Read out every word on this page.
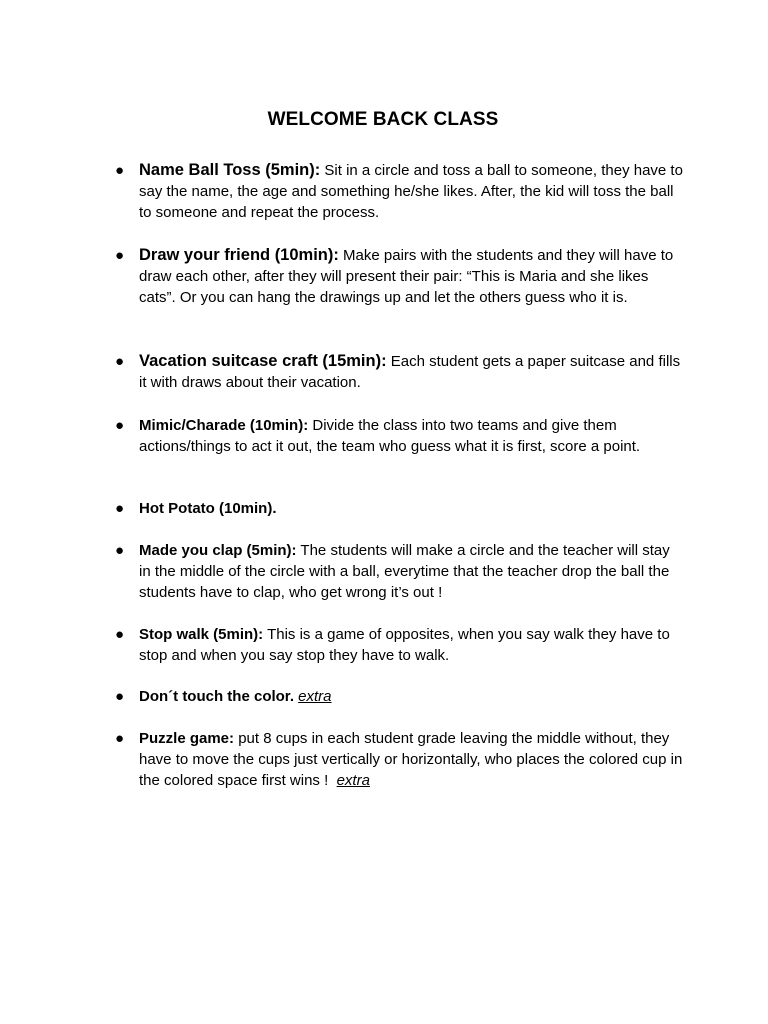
WELCOME BACK CLASS
● Name Ball Toss (5min): Sit in a circle and toss a ball to someone, they have to say the name, the age and something he/she likes. After, the kid will toss the ball to someone and repeat the process.
● Draw your friend (10min): Make pairs with the students and they will have to draw each other, after they will present their pair: “This is Maria and she likes cats”. Or you can hang the drawings up and let the others guess who it is.
● Vacation suitcase craft (15min): Each student gets a paper suitcase and fills it with draws about their vacation.
● Mimic/Charade (10min): Divide the class into two teams and give them actions/things to act it out, the team who guess what it is first, score a point.
● Hot Potato (10min).
● Made you clap (5min): The students will make a circle and the teacher will stay in the middle of the circle with a ball, everytime that the teacher drop the ball the students have to clap, who get wrong it’s out !
● Stop walk (5min): This is a game of opposites, when you say walk they have to stop and when you say stop they have to walk.
● Don´t touch the color. extra
● Puzzle game: put 8 cups in each student grade leaving the middle without, they have to move the cups just vertically or horizontally, who places the colored cup in the colored space first wins !  extra
